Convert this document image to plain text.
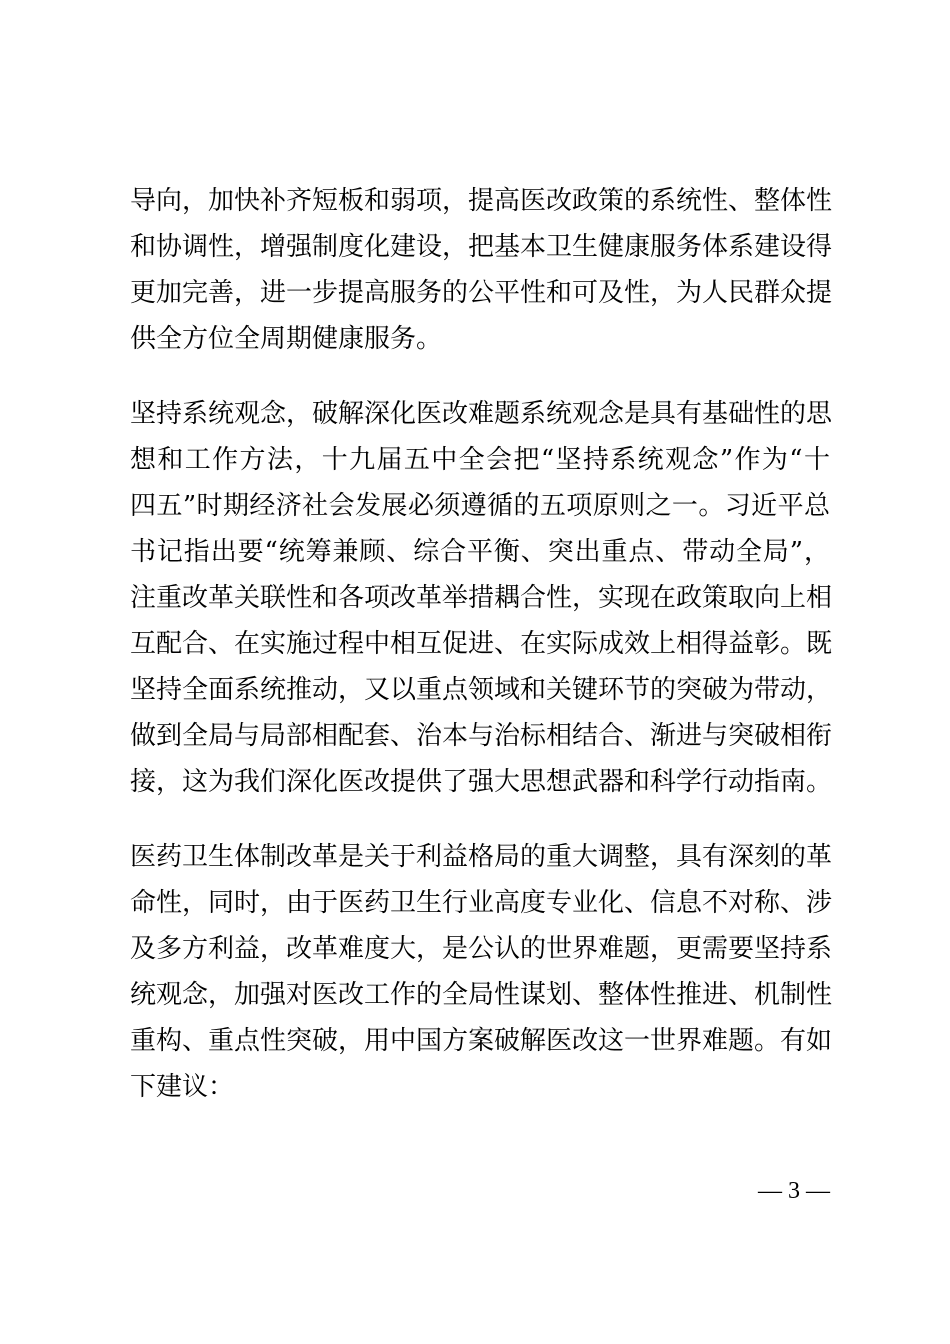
导向，加快补齐短板和弱项，提高医改政策的系统性、整体性
和协调性，增强制度化建设，把基本卫生健康服务体系建设得
更加完善，进一步提高服务的公平性和可及性，为人民群众提
供全方位全周期健康服务。
坚持系统观念，破解深化医改难题系统观念是具有基础性的思
想和工作方法，十九届五中全会把“坚持系统观念”作为“十
四五”时期经济社会发展必须遵循的五项原则之一。习近平总
书记指出要“统筹兼顾、综合平衡、突出重点、带动全局”，
注重改革关联性和各项改革举措耦合性，实现在政策取向上相
互配合、在实施过程中相互促进、在实际成效上相得益彰。既
坚持全面系统推动，又以重点领域和关键环节的突破为带动，
做到全局与局部相配套、治本与治标相结合、渐进与突破相衔
接，这为我们深化医改提供了强大思想武器和科学行动指南。
医药卫生体制改革是关于利益格局的重大调整，具有深刻的革
命性，同时，由于医药卫生行业高度专业化、信息不对称、涉
及多方利益，改革难度大，是公认的世界难题，更需要坚持系
统观念，加强对医改工作的全局性谋划、整体性推进、机制性
重构、重点性突破，用中国方案破解医改这一世界难题。有如
下建议：
— 3 —
